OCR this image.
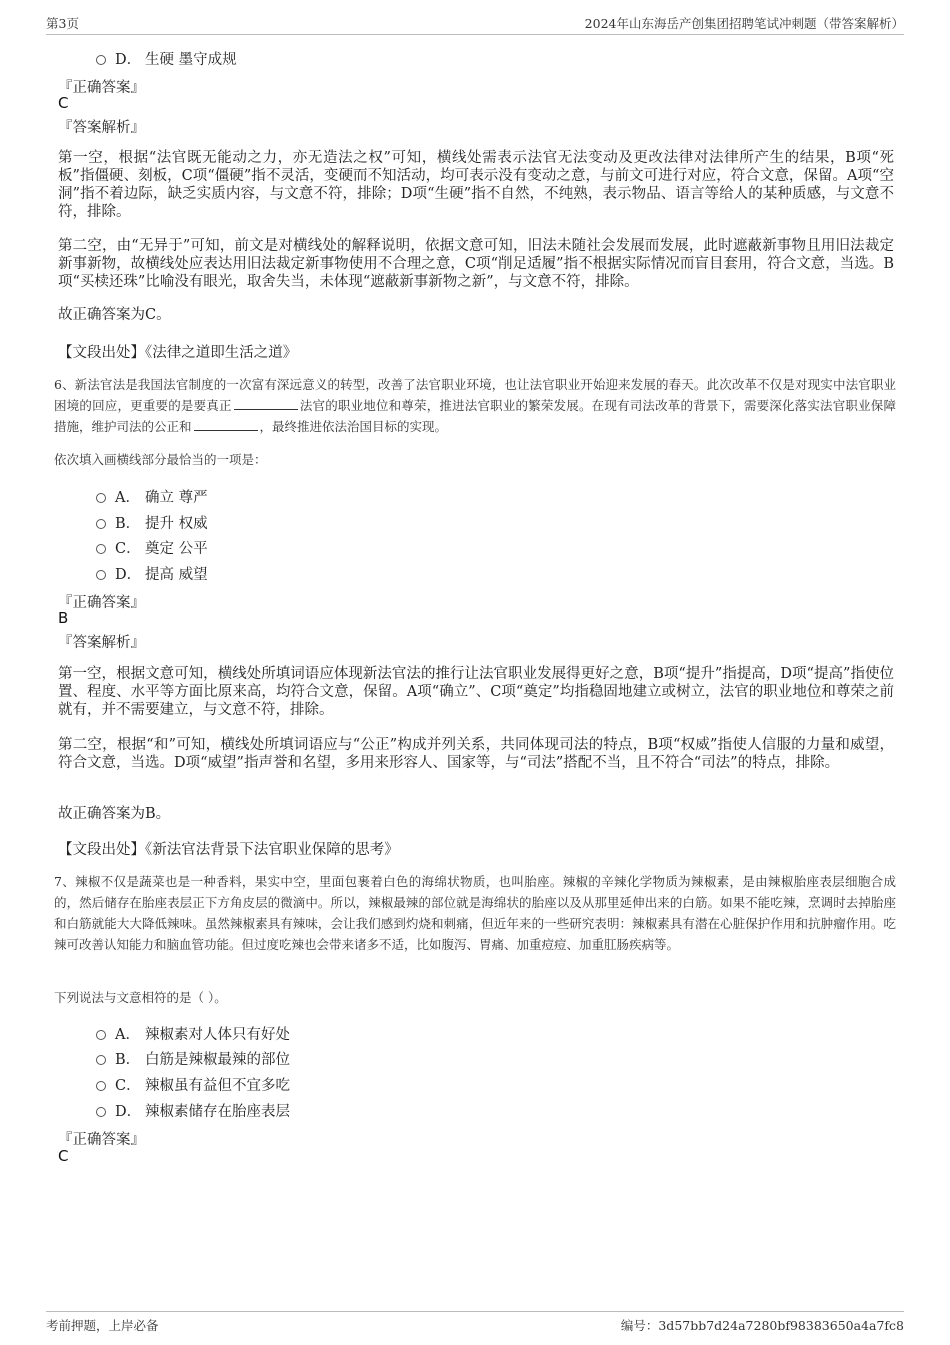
第3页	2024年山东海岳产创集团招聘笔试冲刺题（带答案解析）
D． 生硬 墨守成规
『正确答案』
C
『答案解析』
第一空，根据“法官既无能动之力，亦无造法之权”可知，横线处需表示法官无法变动及更改法律对法律所产生的结果，B项“死板”指僵硬、刻板，C项“僵硬”指不灵活，变硬而不知活动，均可表示没有变动之意，与前文可进行对应，符合文意，保留。A项“空洞”指不着边际，缺乏实质内容，与文意不符，排除；D项“生硬”指不自然，不纯熟，表示物品、语言等给人的某种质感，与文意不符，排除。
第二空，由“无异于”可知，前文是对横线处的解释说明，依据文意可知，旧法未随社会发展而发展，此时遮蔽新事物且用旧法裁定新事新物，故横线处应表达用旧法裁定新事物使用不合理之意，C项“削足适履”指不根据实际情况而盲目套用，符合文意，当选。B项“买椟还珠”比喻没有眼光，取舍失当，未体现“遮蔽新事新物之新”，与文意不符，排除。
故正确答案为C。
【文段出处】《法律之道即生活之道》
6、新法官法是我国法官制度的一次富有深远意义的转型，改善了法官职业环境，也让法官职业开始迎来发展的春天。此次改革不仅是对现实中法官职业困境的回应，更重要的是要真正	法官的职业地位和尊荣，推进法官职业的繁荣发展。在现有司法改革的背景下，需要深化落实法官职业保障措施，维护司法的公正和	，最终推进依法治国目标的实现。
依次填入画横线部分最恰当的一项是：
A． 确立 尊严
B． 提升 权威
C． 奠定 公平
D． 提高 威望
『正确答案』
B
『答案解析』
第一空，根据文意可知，横线处所填词语应体现新法官法的推行让法官职业发展得更好之意，B项“提升”指提高，D项“提高”指使位置、程度、水平等方面比原来高，均符合文意，保留。A项“确立”、C项“奠定”均指稳固地建立或树立，法官的职业地位和尊荣之前就有，并不需要建立，与文意不符，排除。
第二空，根据“和”可知，横线处所填词语应与“公正”构成并列关系，共同体现司法的特点，B项“权威”指使人信服的力量和威望，符合文意，当选。D项“威望”指声誉和名望，多用来形容人、国家等，与“司法”搭配不当，且不符合“司法”的特点，排除。
故正确答案为B。
【文段出处】《新法官法背景下法官职业保障的思考》
7、辣椒不仅是蔬菜也是一种香料，果实中空，里面包裹着白色的海绵状物质，也叫胎座。辣椒的辛辣化学物质为辣椒素，是由辣椒胎座表层细胞合成的，然后储存在胎座表层正下方角皮层的微滴中。所以，辣椒最辣的部位就是海绵状的胎座以及从那里延伸出来的白筋。如果不能吃辣，烹调时去掉胎座和白筋就能大大降低辣味。虽然辣椒素具有辣味，会让我们感到灼烧和刺痛，但近年来的一些研究表明：辣椒素具有潜在心脏保护作用和抗肿瘤作用。吃辣可改善认知能力和脑血管功能。但过度吃辣也会带来诸多不适，比如腹泻、胃痛、加重痘痘、加重肛肠疾病等。
下列说法与文意相符的是（ ）。
A． 辣椒素对人体只有好处
B． 白筋是辣椒最辣的部位
C． 辣椒虽有益但不宜多吃
D． 辣椒素储存在胎座表层
『正确答案』
C
考前押题，上岸必备	编号：3d57bb7d24a7280bf98383650a4a7fc8
